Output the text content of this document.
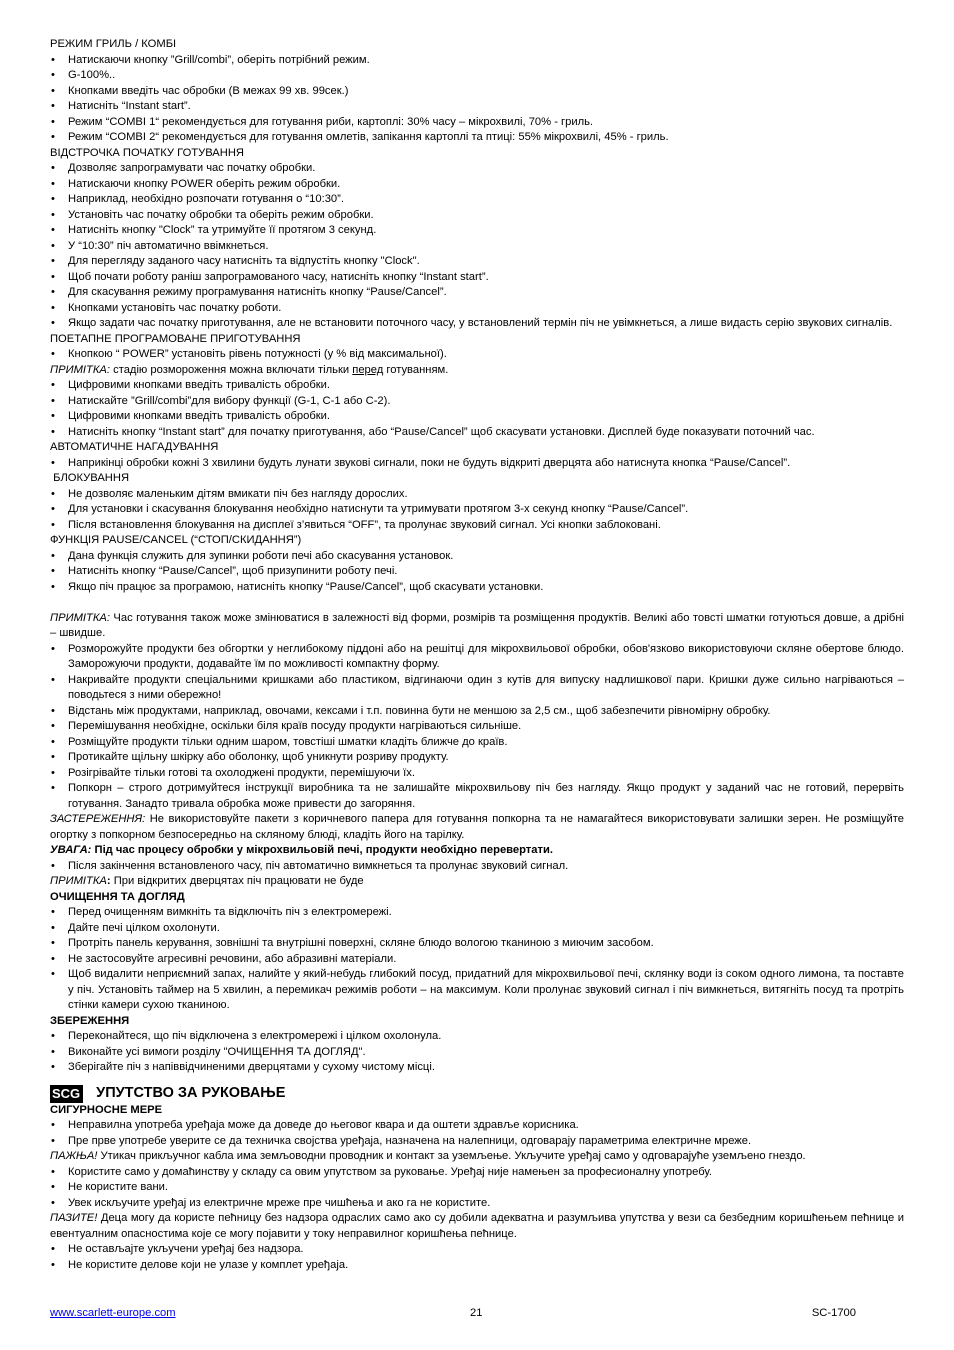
РЕЖИМ ГРИЛЬ / КОМБІ
• Натискаючи кнопку ”Grill/combi”, оберіть потрібний режим.
• G-100%..
• Кнопками введіть час обробки (В межах 99 хв. 99сек.)
• Натисніть “Instant start”.
• Режим “COMBI 1“ рекомендується для готування риби, картоплі: 30% часу – мікрохвилі, 70% - гриль.
• Режим “COMBI 2“ рекомендується для готування омлетів, запікання картоплі та птиці: 55% мікрохвилі, 45% - гриль.
ВІДСТРОЧКА ПОЧАТКУ ГОТУВАННЯ
• Дозволяє запрограмувати час початку обробки.
• Натискаючи кнопку POWER оберіть режим обробки.
• Наприклад, необхідно розпочати готування о “10:30”.
• Установіть час початку обробки та оберіть режим обробки.
• Натисніть кнопку "Clock” та утримуйте її протягом 3 секунд.
• У “10:30” піч автоматично ввімкнеться.
• Для перегляду заданого часу натисніть та відпустіть кнопку "Clock".
• Щоб почати роботу раніш запрограмованого часу, натисніть кнопку “Instant start”.
• Для скасування режиму програмування натисніть кнопку “Pause/Cancel”.
• Кнопками установіть час початку роботи.
• Якщо задати час початку приготування, але не встановити поточного часу, у встановлений термін піч не увімкнеться, а лише видасть серію звукових сигналів.
ПОЕТАПНЕ ПРОГРАМОВАНЕ ПРИГОТУВАННЯ
• Кнопкою “ POWER” установіть рівень потужності (у % від максимальної).

ПРИМІТКА: стадію розмороження можна включати тільки перед готуванням.

• Цифровими кнопками введіть тривалість обробки.
• Натискайте ”Grill/combi”для вибору функції (G-1, C-1 або C-2).
• Цифровими кнопками введіть тривалість обробки.
• Натисніть кнопку “Instant start” для початку приготування, або “Pause/Cancel” щоб скасувати установки. Дисплей буде показувати поточний час.
АВТОМАТИЧНЕ НАГАДУВАННЯ
• Наприкінці обробки кожні 3 хвилини будуть лунати звукові сигнали, поки не будуть відкриті дверцята або натиснута кнопка “Pause/Cancel”.
БЛОКУВАННЯ
• Не дозволяє маленьким дітям вмикати піч без нагляду дорослих.
• Для установки і скасування блокування необхідно натиснути та утримувати протягом 3-х секунд кнопку “Pause/Cancel”.
• Після встановлення блокування на дисплеї з’явиться “OFF”, та пролунає звуковий сигнал. Усі кнопки заблоковані.
ФУНКЦІЯ PAUSE/CANCEL (“СТОП/СКИДАННЯ”)
• Дана функція служить для зупинки роботи печі або скасування установок.
• Натисніть кнопку “Pause/Cancel”, щоб призупинити роботу печі.
• Якщо піч працює за програмою, натисніть кнопку “Pause/Cancel”, щоб скасувати установки.

ПРИМІТКА: Час готування також може змінюватися в залежності від форми, розмірів та розміщення продуктів. Великі або товсті шматки готуються довше, а дрібні – швидше.

• Розморожуйте продукти без обгортки у неглибокому піддоні або на решітці для мікрохвильової обробки, обов'язково використовуючи скляне обертове блюдо. Заморожуючи продукти, додавайте їм по можливості компактну форму.
• Накривайте продукти спеціальними кришками або пластиком, відгинаючи один з кутів для випуску надлишкової пари. Кришки дуже сильно нагріваються – поводьтеся з ними обережно!
• Відстань між продуктами, наприклад, овочами, кексами і т.п. повинна бути не меншою за 2,5 см., щоб забезпечити рівномірну обробку.
• Перемішування необхідне, оскільки біля країв посуду продукти нагріваються сильніше.
• Розміщуйте продукти тільки одним шаром, товстіші шматки кладіть ближче до країв.
• Протикайте щільну шкірку або оболонку, щоб уникнути розриву продукту.
• Розігрівайте тільки готові та охолоджені продукти, перемішуючи їх.
• Попкорн – строго дотримуйтеся інструкції виробника та не залишайте мікрохвильову піч без нагляду. Якщо продукт у заданий час не готовий, перервіть готування. Занадто тривала обробка може привести до загоряння.

ЗАСТЕРЕЖЕННЯ: Не використовуйте пакети з коричневого папера для готування попкорна та не намагайтеся використовувати залишки зерен. Не розміщуйте огортку з попкорном безпосередньо на скляному блюді, кладіть його на тарілку.

УВАГА: Під час процесу обробки у мікрохвильовій печі, продукти необхідно перевертати.

• Після закінчення встановленого часу, піч автоматично вимкнеться та пролунає звуковий сигнал.

ПРИМІТКА: При відкритих дверцятах піч працювати не буде

ОЧИЩЕННЯ ТА ДОГЛЯД
• Перед очищенням вимкніть та відключіть піч з електромережі.
• Дайте печі цілком охолонути.
• Протріть панель керування, зовнішні та внутрішні поверхні, скляне блюдо вологою тканиною з миючим засобом.
• Не застосовуйте агресивні речовини, або абразивні матеріали.
• Щоб видалити неприємний запах, налийте у який-небудь глибокий посуд, придатний для мікрохвильової печі, склянку води із соком одного лимона, та поставте у піч. Установіть таймер на 5 хвилин, а перемикач режимів роботи – на максимум. Коли пролунає звуковий сигнал і піч вимкнеться, витягніть посуд та протріть стінки камери сухою тканиною.
ЗБЕРЕЖЕННЯ
• Переконайтеся, що піч відключена з електромережі і цілком охолонула.
• Виконайте усі вимоги розділу "ОЧИЩЕННЯ ТА ДОГЛЯД".
• Зберігайте піч з напіввідчиненими дверцятами у сухому чистому місці.
SCG УПУТСТВО ЗА РУКОВАЊЕ
СИГУРНОСНЕ МЕРЕ
• Неправилна употреба уређаја може да доведе до његовог квара и да оштети здравље корисника.
• Пре прве употребе уверите се да техничка својства уређаја, назначена на налепници, одговарају параметрима електричне мреже.

ПАЖЊА! Утикач прикључног кабла има земљоводни проводник и контакт за уземљење. Укључите уређај само у одговарајуће уземљено гнездо.

• Користите само у домаћинству у складу са овим упутством за руковање. Уређај није намењен за професионалну употребу.
• Не користите вани.
• Увек искључите уређај из електричне мреже пре чишћења и ако га не користите.

ПАЗИТЕ! Деца могу да користе пећницу без надзора одраслих само ако су добили адекватна и разумљива упутства у вези са безбедним коришћењем пећнице и евентуалним опасностима које се могу појавити у току неправилног коришћења пећнице.

• Не остављајте укључени уређај без надзора.
• Не користите делове који не улазе у комплет уређаја.
www.scarlett-europe.com	21	SC-1700
